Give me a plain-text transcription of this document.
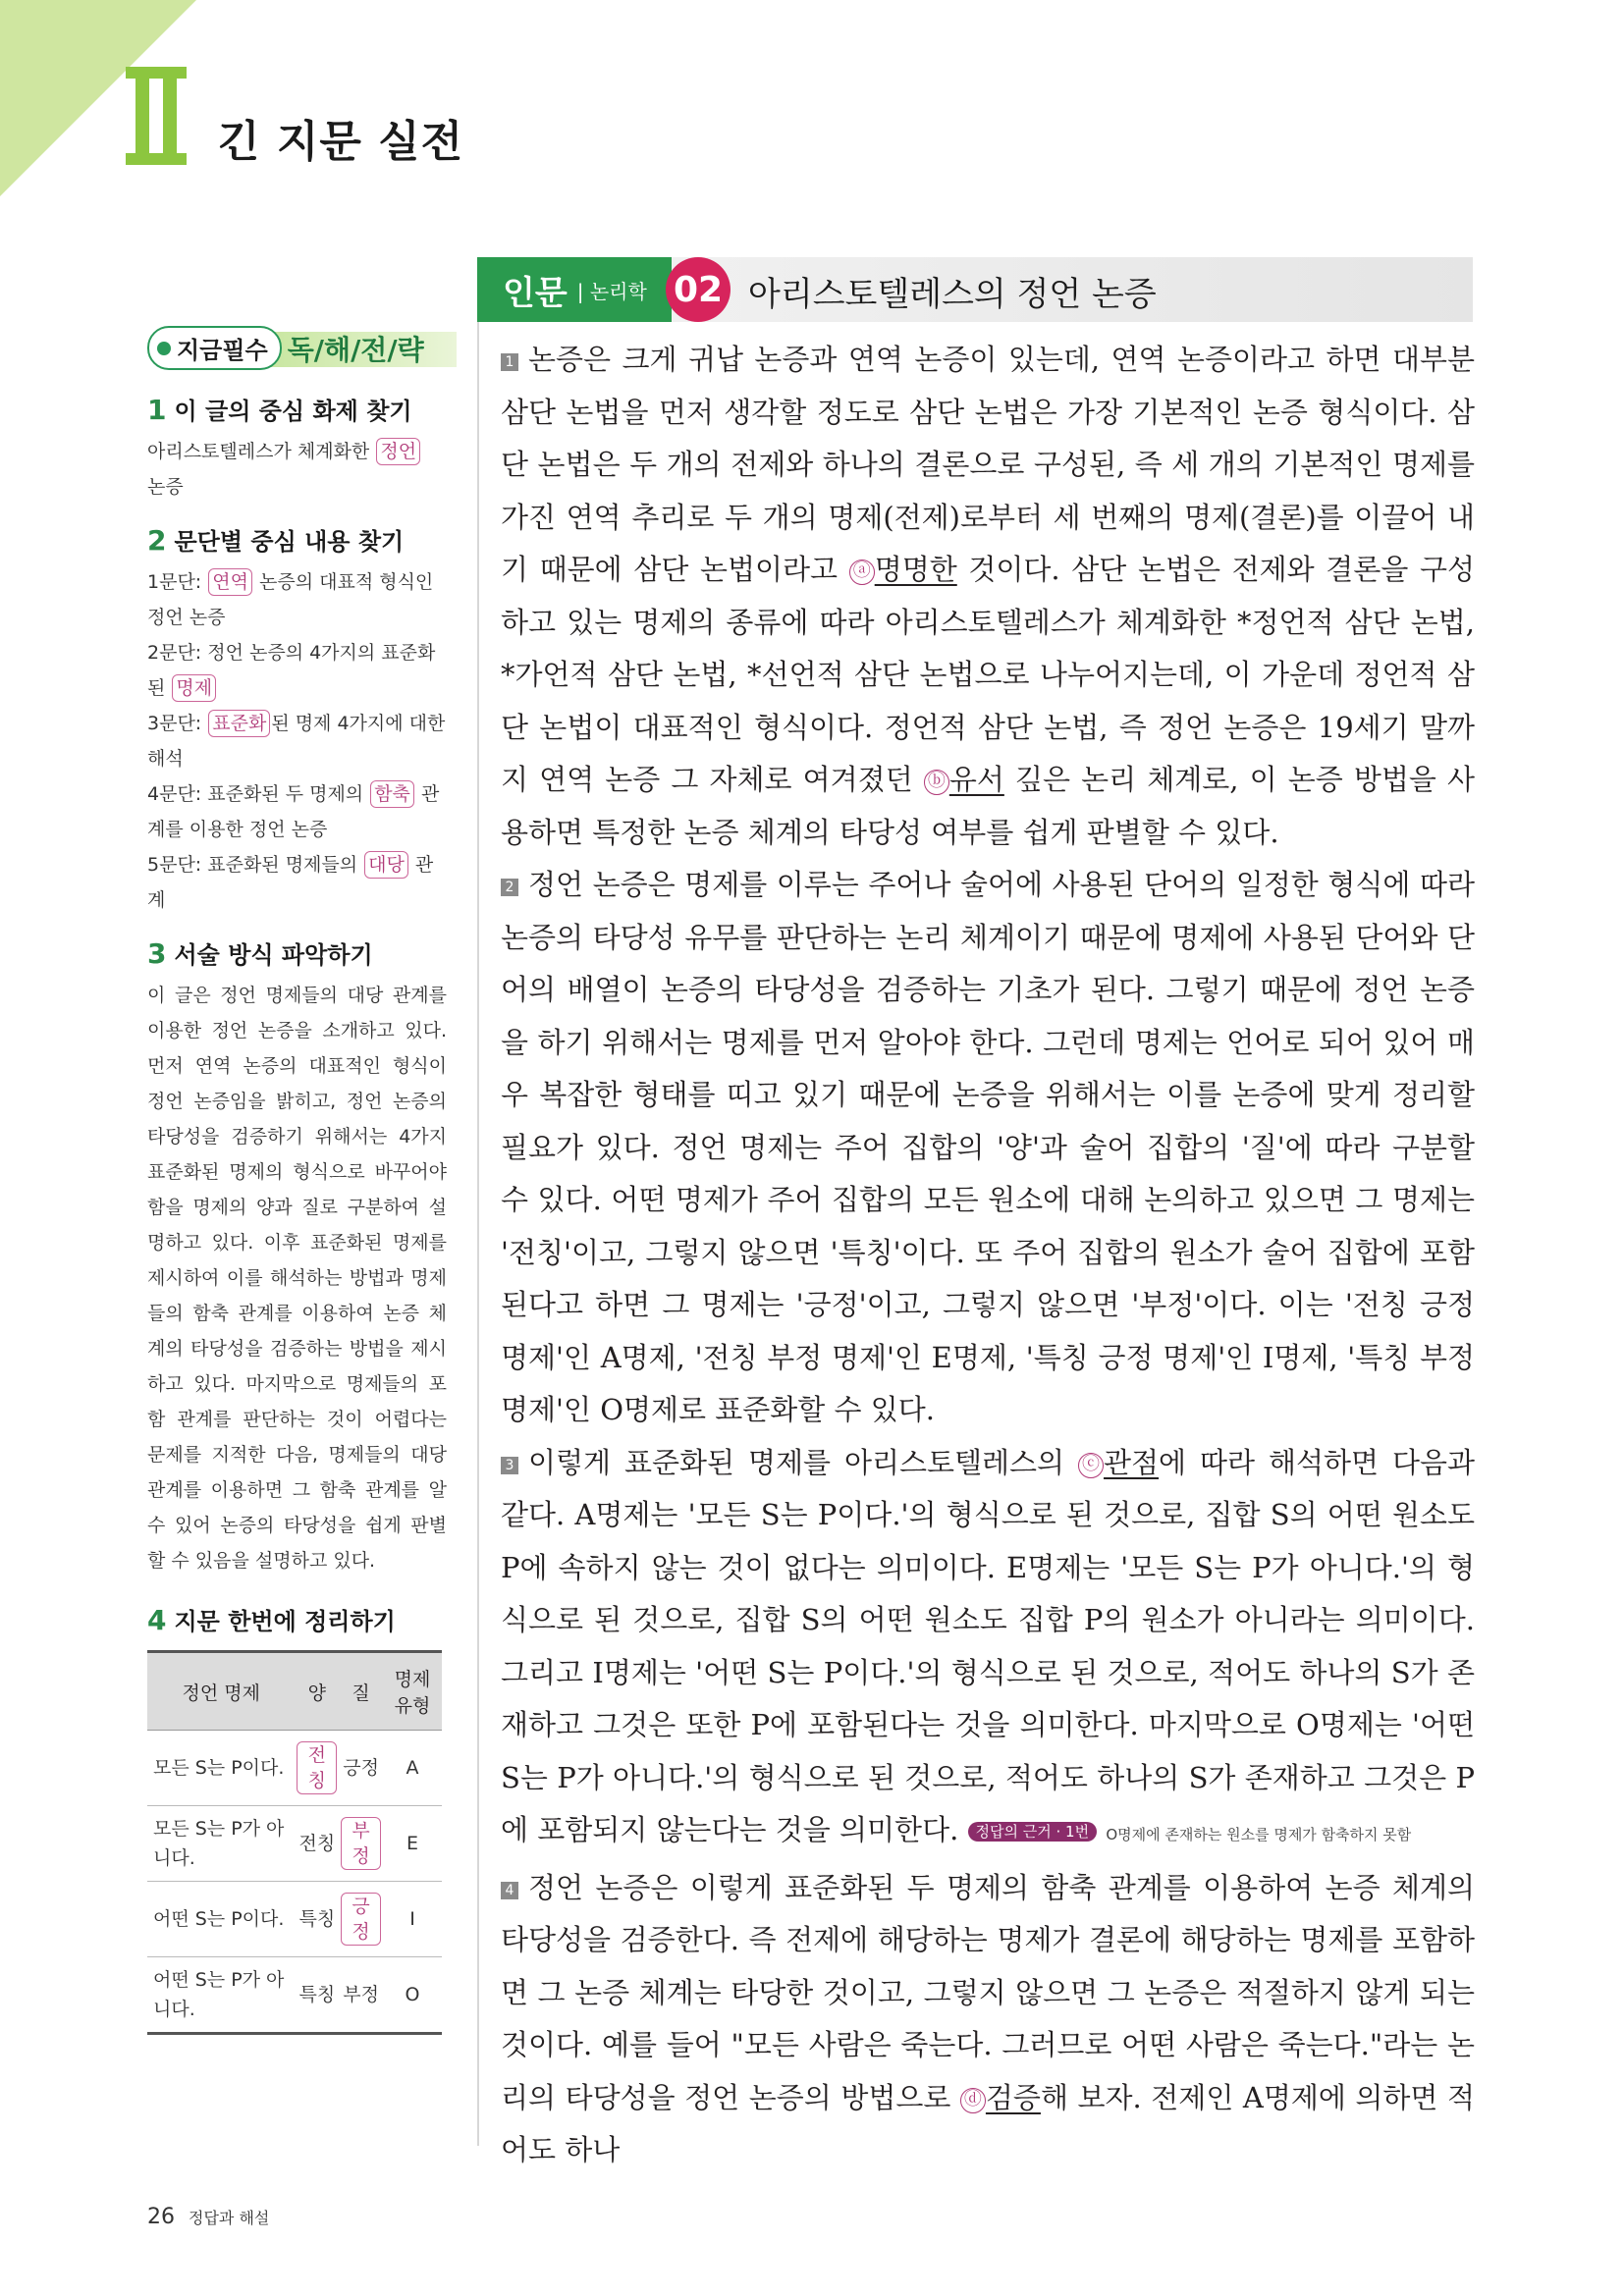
긴 지문 실전
지금필수 독/해/전/략
1 이 글의 중심 화제 찾기
아리스토텔레스가 체계화한 정언
논증
2 문단별 중심 내용 찾기
1문단: 연역 논증의 대표적 형식인 정언 논증
2문단: 정언 논증의 4가지의 표준화된 명제
3문단: 표준화 된 명제 4가지에 대한 해석
4문단: 표준화된 두 명제의 함축 관계를 이용한 정언 논증
5문단: 표준화된 명제들의 대당 관계
3 서술 방식 파악하기
이 글은 정언 명제들의 대당 관계를 이용한 정언 논증을 소개하고 있다. 먼저 연역 논증의 대표적인 형식이 정언 논증임을 밝히고, 정언 논증의 타당성을 검증하기 위해서는 4가지 표준화된 명제의 형식으로 바꾸어야 함을 명제의 양과 질로 구분하여 설명하고 있다. 이후 표준화된 명제를 제시하여 이를 해석하는 방법과 명제들의 함축 관계를 이용하여 논증 체계의 타당성을 검증하는 방법을 제시하고 있다. 마지막으로 명제들의 포함 관계를 판단하는 것이 어렵다는 문제를 지적한 다음, 명제들의 대당 관계를 이용하면 그 함축 관계를 알 수 있어 논증의 타당성을 쉽게 판별할 수 있음을 설명하고 있다.
4 지문 한번에 정리하기
정언 명제	양	질	명제 유형
모든 S는 P이다.	전칭	긍정	A
모든 S는 P가 아니다.	전칭	부정	E
어떤 S는 P이다.	특칭	긍정	I
어떤 S는 P가 아니다.	특칭	부정	O
인문 | 논리학 02 아리스토텔레스의 정언 논증

1 논증은 크게 귀납 논증과 연역 논증이 있는데, 연역 논증이라고 하면 대부분 삼단 논법을 먼저 생각할 정도로 삼단 논법은 가장 기본적인 논증 형식이다. 삼단 논법은 두 개의 전제와 하나의 결론으로 구성된, 즉 세 개의 기본적인 명제를 가진 연역 추리로 두 개의 명제(전제)로부터 세 번째의 명제(결론)를 이끌어 내기 때문에 삼단 논법이라고 ⓐ 명명한 것이다. 삼단 논법은 전제와 결론을 구성하고 있는 명제의 종류에 따라 아리스토텔레스가 체계화한 *정언적 삼단 논법, *가언적 삼단 논법, *선언적 삼단 논법으로 나누어지는데, 이 가운데 정언적 삼단 논법이 대표적인 형식이다. 정언적 삼단 논법, 즉 정언 논증은 19세기 말까지 연역 논증 그 자체로 여겨졌던 ⓑ 유서 깊은 논리 체계로, 이 논증 방법을 사용하면 특정한 논증 체계의 타당성 여부를 쉽게 판별할 수 있다.

2 정언 논증은 명제를 이루는 주어나 술어에 사용된 단어의 일정한 형식에 따라 논증의 타당성 유무를 판단하는 논리 체계이기 때문에 명제에 사용된 단어와 단어의 배열이 논증의 타당성을 검증하는 기초가 된다. 그렇기 때문에 정언 논증을 하기 위해서는 명제를 먼저 알아야 한다. 그런데 명제는 언어로 되어 있어 매우 복잡한 형태를 띠고 있기 때문에 논증을 위해서는 이를 논증에 맞게 정리할 필요가 있다. 정언 명제는 주어 집합의 '양'과 술어 집합의 '질'에 따라 구분할 수 있다. 어떤 명제가 주어 집합의 모든 원소에 대해 논의하고 있으면 그 명제는 '전칭'이고, 그렇지 않으면 '특칭'이다. 또 주어 집합의 원소가 술어 집합에 포함된다고 하면 그 명제는 '긍정'이고, 그렇지 않으면 '부정'이다. 이는 '전칭 긍정 명제'인 A명제, '전칭 부정 명제'인 E명제, '특칭 긍정 명제'인 I명제, '특칭 부정 명제'인 O명제로 표준화할 수 있다.

3 이렇게 표준화된 명제를 아리스토텔레스의 ⓒ 관점에 따라 해석하면 다음과 같다. A명제는 '모든 S는 P이다.'의 형식으로 된 것으로, 집합 S의 어떤 원소도 P에 속하지 않는 것이 없다는 의미이다. E명제는 '모든 S는 P가 아니다.'의 형식으로 된 것으로, 집합 S의 어떤 원소도 집합 P의 원소가 아니라는 의미이다. 그리고 I명제는 '어떤 S는 P이다.'의 형식으로 된 것으로, 적어도 하나의 S가 존재하고 그것은 또한 P에 포함된다는 것을 의미한다. 마지막으로 O명제는 '어떤 S는 P가 아니다.'의 형식으로 된 것으로, 적어도 하나의 S가 존재하고 그것은 P에 포함되지 않는다는 것을 의미한다. 정답의 근거 · 1번 O명제에 존재하는 원소를 명제가 함축하지 못함

4 정언 논증은 이렇게 표준화된 두 명제의 함축 관계를 이용하여 논증 체계의 타당성을 검증한다. 즉 전제에 해당하는 명제가 결론에 해당하는 명제를 포함하면 그 논증 체계는 타당한 것이고, 그렇지 않으면 그 논증은 적절하지 않게 되는 것이다. 예를 들어 "모든 사람은 죽는다. 그러므로 어떤 사람은 죽는다."라는 논리의 타당성을 정언 논증의 방법으로 ⓓ 검증해 보자. 전제인 A명제에 의하면 적어도 하나

26 정답과 해설
